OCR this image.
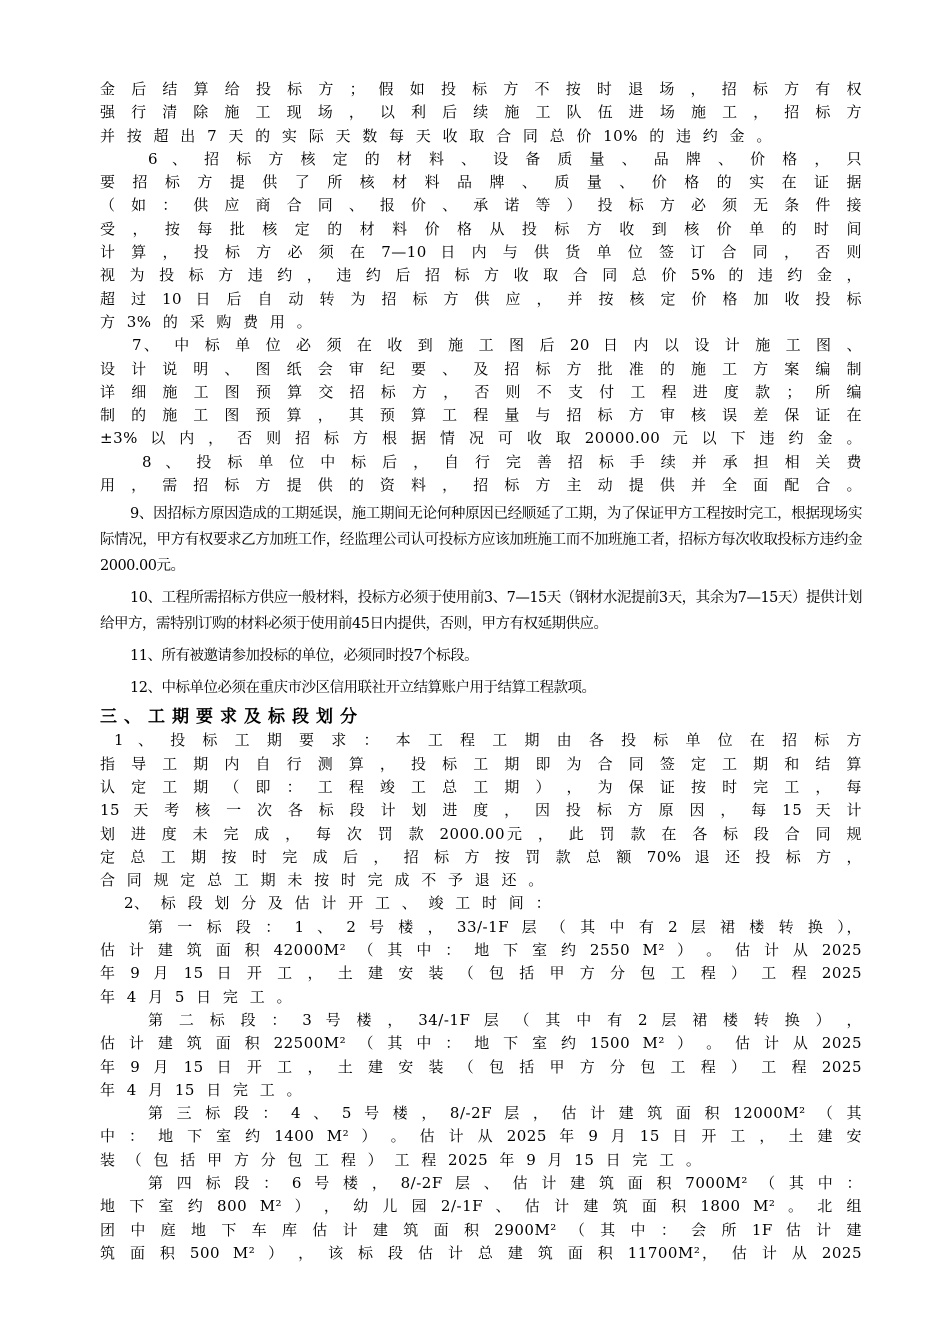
金 后 结 算 给 投 标 方 ； 假 如 投 标 方 不 按 时 退 场 ， 招 标 方 有 权

强 行 清 除 施 工 现 场 ， 以 利 后 续 施 工 队 伍 进 场 施 工 ， 招 标 方

并 按 超 出 7 天 的 实 际 天 数 每 天 收 取 合 同 总 价 10% 的 违 约 金 。

6 、 招 标 方 核 定 的 材 料 、 设 备 质 量 、 品 牌 、 价 格 ， 只

要 招 标 方 提 供 了 所 核 材 料 品 牌 、 质 量 、 价 格 的 实 在 证 据

（ 如 ： 供 应 商 合 同 、 报 价 、 承 诺 等 ） 投 标 方 必 须 无 条 件 接

受 ， 按 每 批 核 定 的 材 料 价 格 从 投 标 方 收 到 核 价 单 的 时 间

计 算 ， 投 标 方 必 须 在 7—10 日 内 与 供 货 单 位 签 订 合 同 ， 否 则

视 为 投 标 方 违 约 ， 违 约 后 招 标 方 收 取 合 同 总 价 5% 的 违 约 金 ，

超 过 10 日 后 自 动 转 为 招 标 方 供 应 ， 并 按 核 定 价 格 加 收 投 标

方 3% 的 采 购 费 用 。

7、 中 标 单 位 必 须 在 收 到 施 工 图 后 20 日 内 以 设 计 施 工 图 、

设 计 说 明 、 图 纸 会 审 纪 要 、 及 招 标 方 批 准 的 施 工 方 案 编 制

详 细 施 工 图 预 算 交 招 标 方 ， 否 则 不 支 付 工 程 进 度 款 ； 所 编

制 的 施 工 图 预 算 ， 其 预 算 工 程 量 与 招 标 方 审 核 误 差 保 证 在

±3% 以 内 ， 否 则 招 标 方 根 据 情 况 可 收 取 20000.00 元 以 下 违 约 金 。

8 、 投 标 单 位 中 标 后 ， 自 行 完 善 招 标 手 续 并 承 担 相 关 费

用 ， 需 招 标 方 提 供 的 资 料 ， 招 标 方 主 动 提 供 并 全 面 配 合 。

9、因招标方原因造成的工期延误，施工期间无论何种原因已经顺延了工期，为了保证甲方工程按时完工，根据现场实际情况，甲方有权要求乙方加班工作，经监理公司认可投标方应该加班施工而不加班施工者，招标方每次收取投标方违约金2000.00元。

10、工程所需招标方供应一般材料，投标方必须于使用前3、7—15天（钢材水泥提前3天，其余为7—15天）提供计划给甲方，需特别订购的材料必须于使用前45日内提供，否则，甲方有权延期供应。

11、所有被邀请参加投标的单位，必须同时投7个标段。

12、中标单位必须在重庆市沙区信用联社开立结算账户用于结算工程款项。

三、工期要求及标段划分

1 、 投 标 工 期 要 求 ： 本 工 程 工 期 由 各 投 标 单 位 在 招 标 方

指 导 工 期 内 自 行 测 算 ， 投 标 工 期 即 为 合 同 签 定 工 期 和 结 算

认 定 工 期 （ 即 ： 工 程 竣 工 总 工 期 ） ， 为 保 证 按 时 完 工 ， 每

15 天 考 核 一 次 各 标 段 计 划 进 度 ， 因 投 标 方 原 因 ， 每 15 天 计

划 进 度 未 完 成 ， 每 次 罚 款 2000.00元 ， 此 罚 款 在 各 标 段 合 同 规

定 总 工 期 按 时 完 成 后 ， 招 标 方 按 罚 款 总 额 70% 退 还 投 标 方 ，

合 同 规 定 总 工 期 未 按 时 完 成 不 予 退 还 。

2、 标 段 划 分 及 估 计 开 工 、 竣 工 时 间 ：

第 一 标 段 ： 1 、 2 号 楼 ， 33/-1F 层 （ 其 中 有 2 层 裙 楼 转 换 ），

估 计 建 筑 面 积 42000M² （ 其 中 ： 地 下 室 约 2550 M² ） 。 估 计 从 2025

年 9 月 15 日 开 工 ， 土 建 安 装 （ 包 括 甲 方 分 包 工 程 ） 工 程 2025

年 4 月 5 日 完 工 。

第 二 标 段 ： 3 号 楼 ， 34/-1F 层 （ 其 中 有 2 层 裙 楼 转 换 ） ，

估 计 建 筑 面 积 22500M² （ 其 中 ： 地 下 室 约 1500 M² ） 。 估 计 从 2025

年 9 月 15 日 开 工 ， 土 建 安 装 （ 包 括 甲 方 分 包 工 程 ） 工 程 2025

年 4 月 15 日 完 工 。

第 三 标 段 ： 4 、 5 号 楼 ， 8/-2F 层 ， 估 计 建 筑 面 积 12000M² （ 其

中 ： 地 下 室 约 1400 M² ） 。 估 计 从 2025 年 9 月 15 日 开 工 ， 土 建 安

装 （ 包 括 甲 方 分 包 工 程 ） 工 程 2025 年 9 月 15 日 完 工 。

第 四 标 段 ： 6 号 楼 ， 8/-2F 层 、 估 计 建 筑 面 积 7000M² （ 其 中 ：

地 下 室 约 800 M² ） ， 幼 儿 园 2/-1F 、 估 计 建 筑 面 积 1800 M² 。 北 组

团 中 庭 地 下 车 库 估 计 建 筑 面 积 2900M² （ 其 中 ： 会 所 1F 估 计 建

筑 面 积 500 M² ） ， 该 标 段 估 计 总 建 筑 面 积 11700M²， 估 计 从 2025
